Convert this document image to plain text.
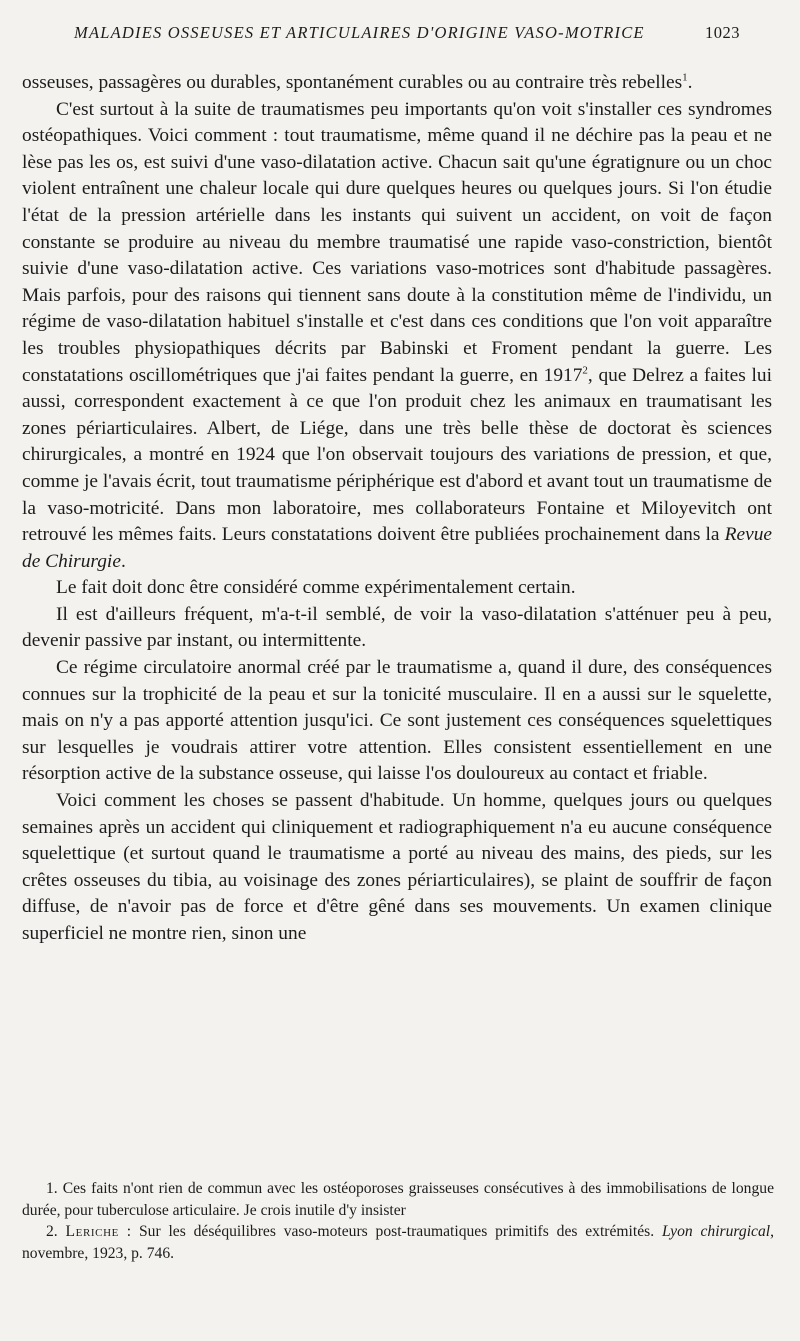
MALADIES OSSEUSES ET ARTICULAIRES D'ORIGINE VASO-MOTRICE	1023

osseuses, passagères ou durables, spontanément curables ou au contraire très rebelles$^1$.

C'est surtout à la suite de traumatismes peu importants qu'on voit s'installer ces syndromes ostéopathiques. Voici comment : tout traumatisme, même quand il ne déchire pas la peau et ne lèse pas les os, est suivi d'une vaso-dilatation active. Chacun sait qu'une égratignure ou un choc violent entraînent une chaleur locale qui dure quelques heures ou quelques jours. Si l'on étudie l'état de la pression artérielle dans les instants qui suivent un accident, on voit de façon constante se produire au niveau du membre traumatisé une rapide vaso-constriction, bientôt suivie d'une vaso-dilatation active. Ces variations vaso-motrices sont d'habitude passagères. Mais parfois, pour des raisons qui tiennent sans doute à la constitution même de l'individu, un régime de vaso-dilatation habituel s'installe et c'est dans ces conditions que l'on voit apparaître les troubles physiopathiques décrits par Babinski et Froment pendant la guerre. Les constatations oscillométriques que j'ai faites pendant la guerre, en 1917$^2$, que Delrez a faites lui aussi, correspondent exactement à ce que l'on produit chez les animaux en traumatisant les zones périarticulaires. Albert, de Liége, dans une très belle thèse de doctorat ès sciences chirurgicales, a montré en 1924 que l'on observait toujours des variations de pression, et que, comme je l'avais écrit, tout traumatisme périphérique est d'abord et avant tout un traumatisme de la vaso-motricité. Dans mon laboratoire, mes collaborateurs Fontaine et Miloyevitch ont retrouvé les mêmes faits. Leurs constatations doivent être publiées prochainement dans la Revue de Chirurgie.

Le fait doit donc être considéré comme expérimentalement certain.

Il est d'ailleurs fréquent, m'a-t-il semblé, de voir la vaso-dilatation s'atténuer peu à peu, devenir passive par instant, ou intermittente.

Ce régime circulatoire anormal créé par le traumatisme a, quand il dure, des conséquences connues sur la trophicité de la peau et sur la tonicité musculaire. Il en a aussi sur le squelette, mais on n'y a pas apporté attention jusqu'ici. Ce sont justement ces conséquences squelettiques sur lesquelles je voudrais attirer votre attention. Elles consistent essentiellement en une résorption active de la substance osseuse, qui laisse l'os douloureux au contact et friable.

Voici comment les choses se passent d'habitude. Un homme, quelques jours ou quelques semaines après un accident qui cliniquement et radiographiquement n'a eu aucune conséquence squelettique (et surtout quand le traumatisme a porté au niveau des mains, des pieds, sur les crêtes osseuses du tibia, au voisinage des zones périarticulaires), se plaint de souffrir de façon diffuse, de n'avoir pas de force et d'être gêné dans ses mouvements. Un examen clinique superficiel ne montre rien, sinon une

1. Ces faits n'ont rien de commun avec les ostéoporoses graisseuses consécutives à des immobilisations de longue durée, pour tuberculose articulaire. Je crois inutile d'y insister

2. Leriche : Sur les déséquilibres vaso-moteurs post-traumatiques primitifs des extrémités. Lyon chirurgical, novembre, 1923, p. 746.
